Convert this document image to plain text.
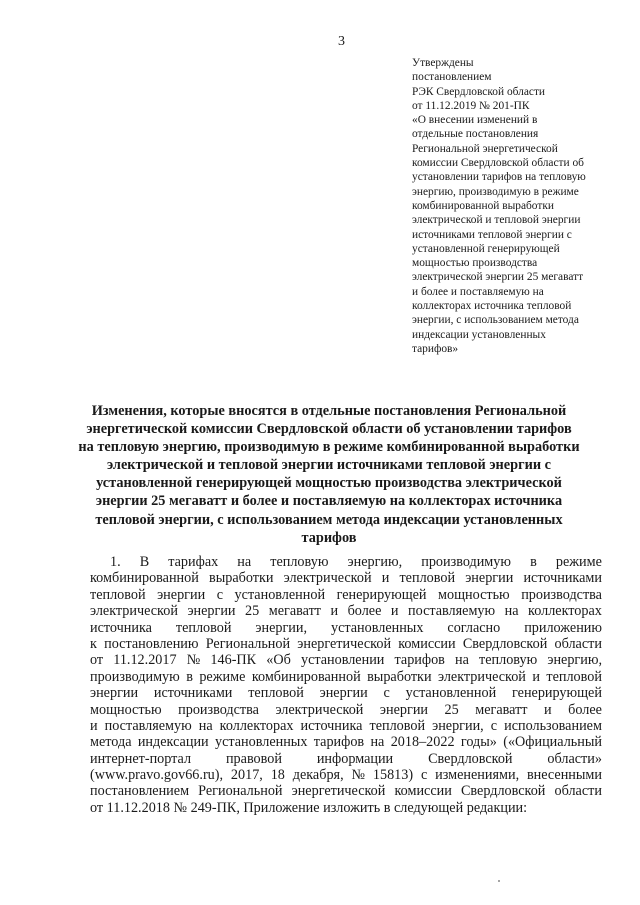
3
Утверждены
постановлением
РЭК Свердловской области
от 11.12.2019 № 201-ПК
«О внесении изменений в
отдельные постановления
Региональной энергетической
комиссии Свердловской области об
установлении тарифов на тепловую
энергию, производимую в режиме
комбинированной выработки
электрической и тепловой энергии
источниками тепловой энергии с
установленной генерирующей
мощностью производства
электрической энергии 25 мегаватт
и более и поставляемую на
коллекторах источника тепловой
энергии, с использованием метода
индексации установленных
тарифов»
Изменения, которые вносятся в отдельные постановления Региональной
энергетической комиссии Свердловской области об установлении тарифов
на тепловую энергию, производимую в режиме комбинированной выработки
электрической и тепловой энергии источниками тепловой энергии с
установленной генерирующей мощностью производства электрической
энергии 25 мегаватт и более и поставляемую на коллекторах источника
тепловой энергии, с использованием метода индексации установленных
тарифов
1. В тарифах на тепловую энергию, производимую в режиме
комбинированной выработки электрической и тепловой энергии источниками
тепловой энергии с установленной генерирующей мощностью производства
электрической энергии 25 мегаватт и более и поставляемую на коллекторах
источника тепловой энергии, установленных согласно приложению
к постановлению Региональной энергетической комиссии Свердловской области
от 11.12.2017 № 146-ПК «Об установлении тарифов на тепловую энергию,
производимую в режиме комбинированной выработки электрической и тепловой
энергии источниками тепловой энергии с установленной генерирующей
мощностью производства электрической энергии 25 мегаватт и более
и поставляемую на коллекторах источника тепловой энергии, с использованием
метода индексации установленных тарифов на 2018–2022 годы» («Официальный
интернет-портал правовой информации Свердловской области»
(www.pravo.gov66.ru), 2017, 18 декабря, № 15813) с изменениями, внесенными
постановлением Региональной энергетической комиссии Свердловской области
от 11.12.2018 № 249-ПК, Приложение изложить в следующей редакции:
